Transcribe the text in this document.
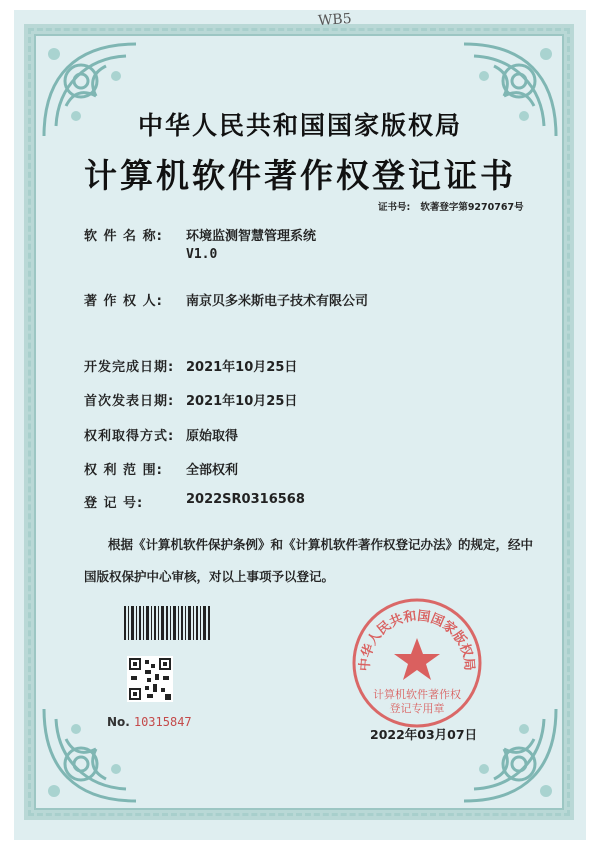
WB5
中华人民共和国国家版权局
计算机软件著作权登记证书
证书号: 软著登字第9270767号
软 件 名 称: 环境监测智慧管理系统
V1.0
著 作 权 人: 南京贝多米斯电子技术有限公司
开发完成日期: 2021年10月25日
首次发表日期: 2021年10月25日
权利取得方式: 原始取得
权 利 范 围: 全部权利
登 记 号:	2022SR0316568
根据《计算机软件保护条例》和《计算机软件著作权登记办法》的规定，经中国版权保护中心审核，对以上事项予以登记。
No. 10315847
中华人民共和国国家版权局
计算机软件著作权
登记专用章
2022年03月07日
